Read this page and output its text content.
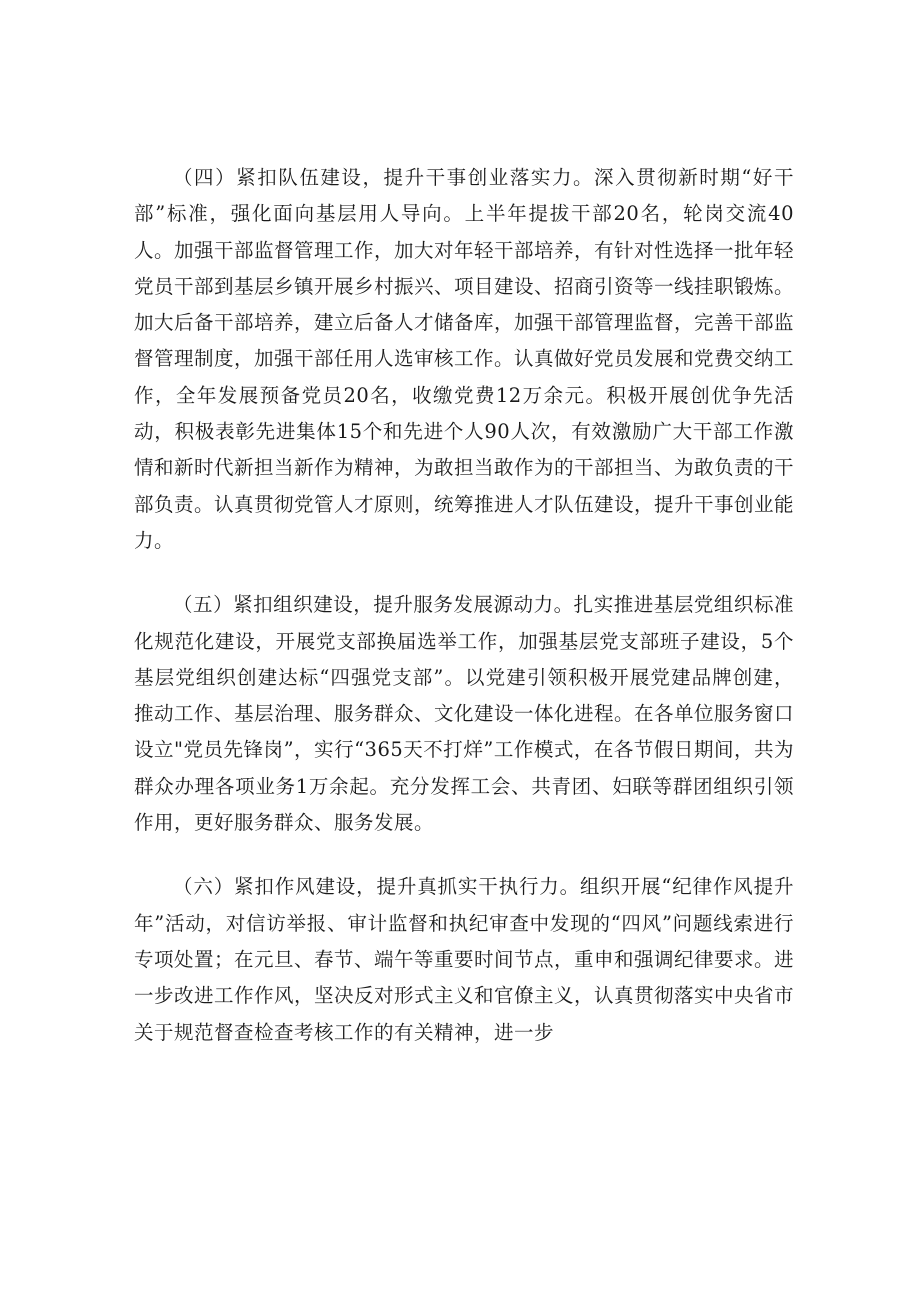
（四）紧扣队伍建设，提升干事创业落实力。深入贯彻新时期“好干部”标准，强化面向基层用人导向。上半年提拔干部20名，轮岗交流40人。加强干部监督管理工作，加大对年轻干部培养，有针对性选择一批年轻党员干部到基层乡镇开展乡村振兴、项目建设、招商引资等一线挂职锻炼。加大后备干部培养，建立后备人才储备库，加强干部管理监督，完善干部监督管理制度，加强干部任用人选审核工作。认真做好党员发展和党费交纳工作，全年发展预备党员20名，收缴党费12万余元。积极开展创优争先活动，积极表彰先进集体15个和先进个人90人次，有效激励广大干部工作激情和新时代新担当新作为精神，为敢担当敢作为的干部担当、为敢负责的干部负责。认真贯彻党管人才原则，统筹推进人才队伍建设，提升干事创业能力。

（五）紧扣组织建设，提升服务发展源动力。扎实推进基层党组织标准化规范化建设，开展党支部换届选举工作，加强基层党支部班子建设，5个基层党组织创建达标“四强党支部”。以党建引领积极开展党建品牌创建，推动工作、基层治理、服务群众、文化建设一体化进程。在各单位服务窗口设立"党员先锋岗”，实行“365天不打烊”工作模式，在各节假日期间，共为群众办理各项业务1万余起。充分发挥工会、共青团、妇联等群团组织引领作用，更好服务群众、服务发展。

（六）紧扣作风建设，提升真抓实干执行力。组织开展“纪律作风提升年”活动，对信访举报、审计监督和执纪审查中发现的“四风”问题线索进行专项处置；在元旦、春节、端午等重要时间节点，重申和强调纪律要求。进一步改进工作作风，坚决反对形式主义和官僚主义，认真贯彻落实中央省市关于规范督查检查考核工作的有关精神，进一步
